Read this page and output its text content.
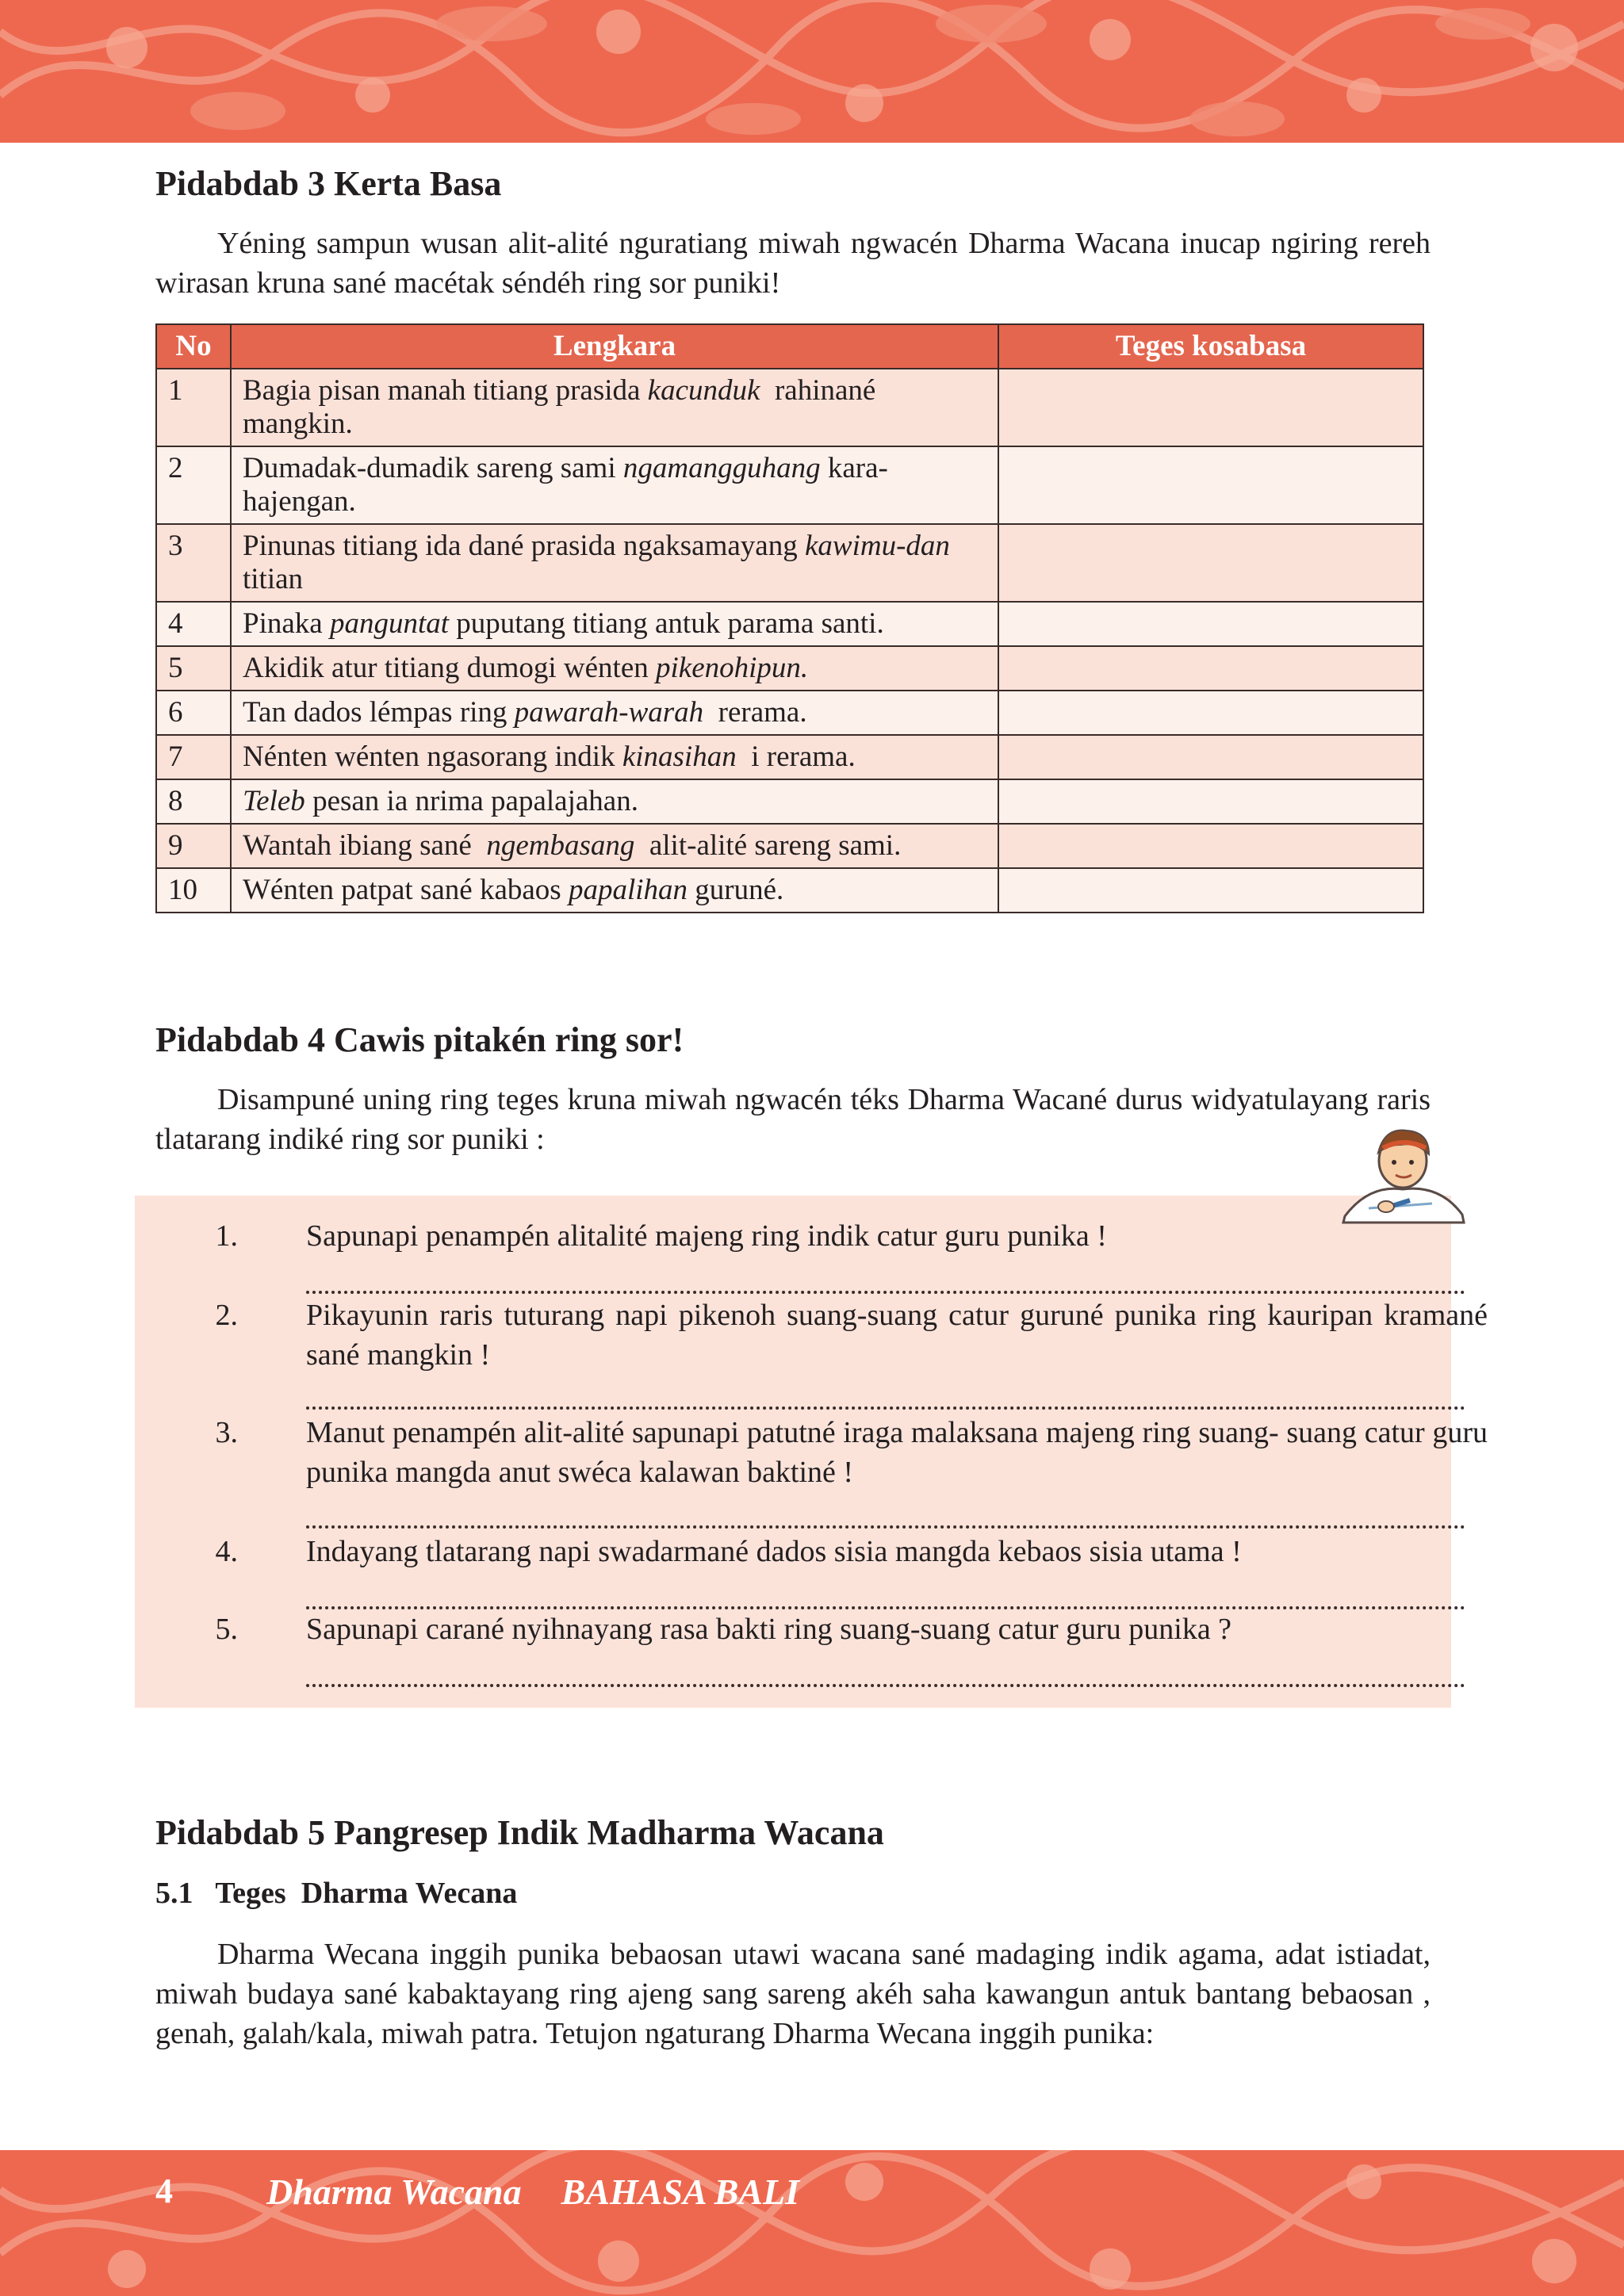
Pidabdab 3 Kerta Basa

Yéning sampun wusan alit-alité nguratiang miwah ngwacén Dharma Wacana inucap ngiring rereh wirasan kruna sané macétak séndéh ring sor puniki!

No	Lengkara	Teges kosabasa
1	Bagia pisan manah titiang prasida kacunduk  rahinané mangkin.	
2	Dumadak-dumadik sareng sami ngamangguhang kara-hajengan.	
3	Pinunas titiang ida dané prasida ngaksamayang kawimu-dan  titian	
4	Pinaka panguntat puputang titiang antuk parama santi.	
5	Akidik atur titiang dumogi wénten pikenohipun.	
6	Tan dados lémpas ring pawarah-warah  rerama.	
7	Nénten wénten ngasorang indik kinasihan  i rerama.	
8	Teleb pesan ia nrima papalajahan.	
9	Wantah ibiang sané  ngembasang  alit-alité sareng sami.	
10	Wénten patpat sané kabaos papalihan guruné.	
Pidabdab 4 Cawis pitakén ring sor!

Disampuné uning ring teges kruna miwah ngwacén téks Dharma Wacané durus widyatulayang raris tlatarang indiké ring sor puniki :

1. Sapunapi penampén alitalité majeng ring indik catur guru punika !
2. Pikayunin raris tuturang napi pikenoh suang-suang catur guruné punika ring kauripan kramané sané mangkin !
3. Manut penampén alit-alité sapunapi patutné iraga malaksana majeng ring suang- suang catur guru punika mangda anut swéca kalawan baktiné !
4. Indayang tlatarang napi swadarmané dados sisia mangda kebaos sisia utama !
5. Sapunapi carané nyihnayang rasa bakti ring suang-suang catur guru punika ?
Pidabdab 5 Pangresep Indik Madharma Wacana
5.1   Teges  Dharma Wecana

Dharma Wecana inggih punika bebaosan utawi wacana sané madaging indik agama, adat istiadat, miwah budaya sané kabaktayang ring ajeng sang sareng akéh saha kawangun antuk bantang bebaosan , genah, galah/kala, miwah patra. Tetujon ngaturang Dharma Wecana inggih punika:

4	Dharma Wacana BAHASA BALI
